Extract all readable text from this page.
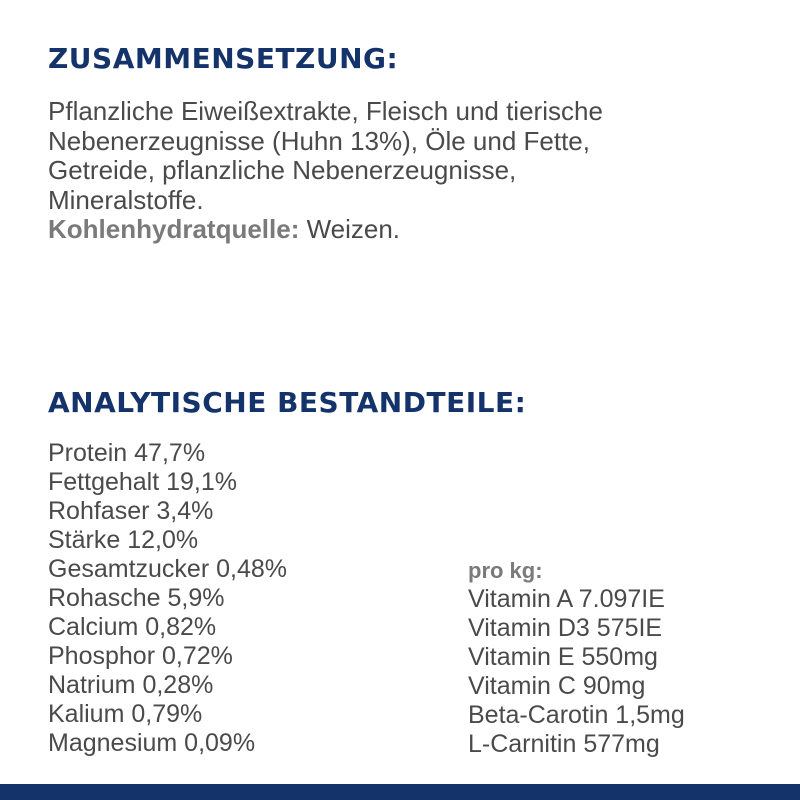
ZUSAMMENSETZUNG:

Pflanzliche Eiweißextrakte, Fleisch und tierische

Nebenerzeugnisse (Huhn 13%), Öle und Fette,

Getreide, pflanzliche Nebenerzeugnisse,

Mineralstoffe.

Kohlenhydratquelle: Weizen.

ANALYTISCHE BESTANDTEILE:
Protein 47,7%
Fettgehalt 19,1%
Rohfaser 3,4%
Stärke 12,0%
Gesamtzucker 0,48%
Rohasche 5,9%
Calcium 0,82%
Phosphor 0,72%
Natrium 0,28%
Kalium 0,79%
Magnesium 0,09%
pro kg:
Vitamin A 7.097IE
Vitamin D3 575IE
Vitamin E 550mg
Vitamin C 90mg
Beta-Carotin 1,5mg
L-Carnitin 577mg
